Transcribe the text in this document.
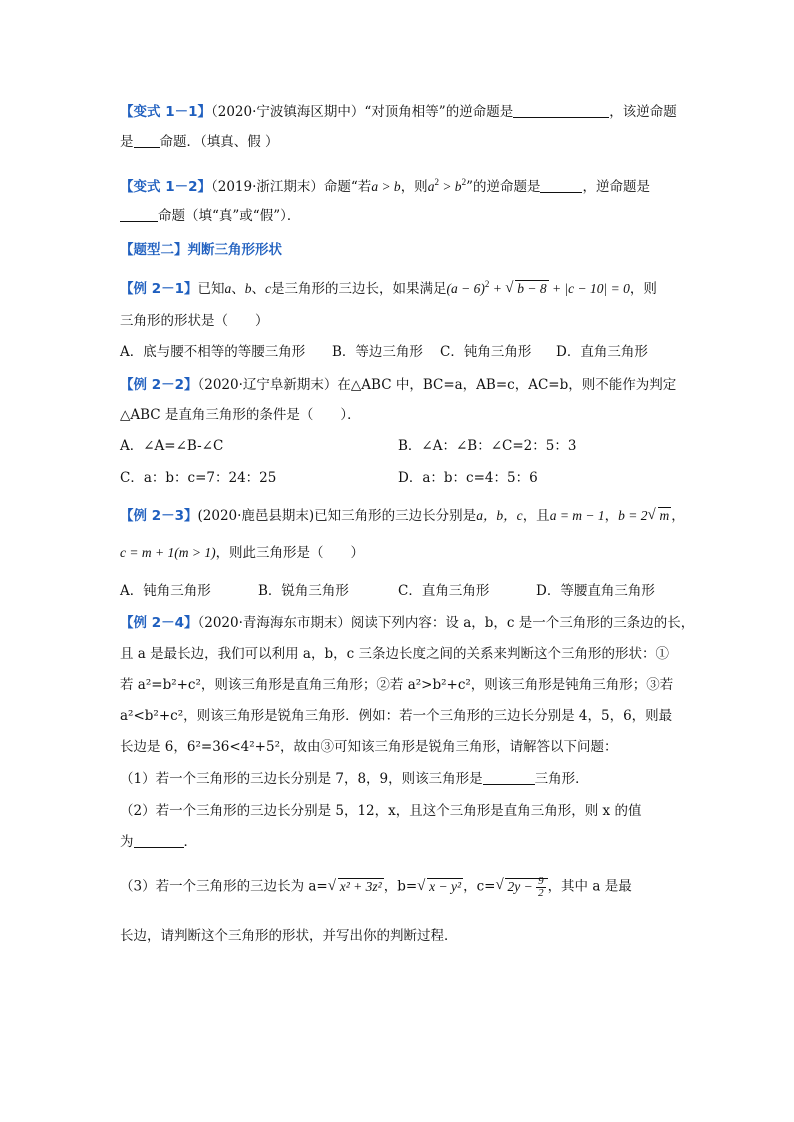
【变式 1－1】（2020·宁波镇海区期中）“对顶角相等”的逆命题是	，该逆命题
是 命题．（填真、假 ）
【变式 1－2】（2019·浙江期末）命题“若a > b，则$a^2 > b^2$”的逆命题是	，逆命题是
命题（填“真”或“假”）．
【题型二】判断三角形形状
【例 2－1】已知a、b、c是三角形的三边长，如果满足$(a - 6)^2$ + √ b − 8 + |c − 10| = 0，则
三角形的形状是（　　）
A．底与腰不相等的等腰三角形 B．等边三角形 C．钝角三角形 D．直角三角形
【例 2－2】（2020·辽宁阜新期末）在△ABC 中，BC=a，AB=c，AC=b，则不能作为判定
△ABC 是直角三角形的条件是（　　）．
A．∠A=∠B-∠C	B．∠A：∠B：∠C=2：5：3
C．a：b：c=7：24：25	D．a：b：c=4：5：6
【例 2－3】(2020·鹿邑县期末)已知三角形的三边长分别是a，b，c，且a = m − 1，b = 2 √ m ，
c = m + 1(m > 1)，则此三角形是（　　）
A．钝角三角形	B．锐角三角形	C．直角三角形	D．等腰直角三角形
【例 2－4】（2020·青海海东市期末）阅读下列内容：设 a，b，c 是一个三角形的三条边的长，
且 a 是最长边，我们可以利用 a，b，c 三条边长度之间的关系来判断这个三角形的形状：①
若 a²=b²+c²，则该三角形是直角三角形；②若 a²>b²+c²，则该三角形是钝角三角形；③若
a²<b²+c²，则该三角形是锐角三角形．例如：若一个三角形的三边长分别是 4，5，6，则最
长边是 6，6²=36<4²+5²，故由③可知该三角形是锐角三角形，请解答以下问题：
（1）若一个三角形的三边长分别是 7，8，9，则该三角形是	三角形．
（2）若一个三角形的三边长分别是 5，12，x，且这个三角形是直角三角形，则 x 的值
为	．
（3）若一个三角形的三边长为 a= √ x² + 3z² ，b= √ x − y² ，c= √ $2y - \frac{9}{2}$ ，其中 a 是最
长边，请判断这个三角形的形状，并写出你的判断过程．
